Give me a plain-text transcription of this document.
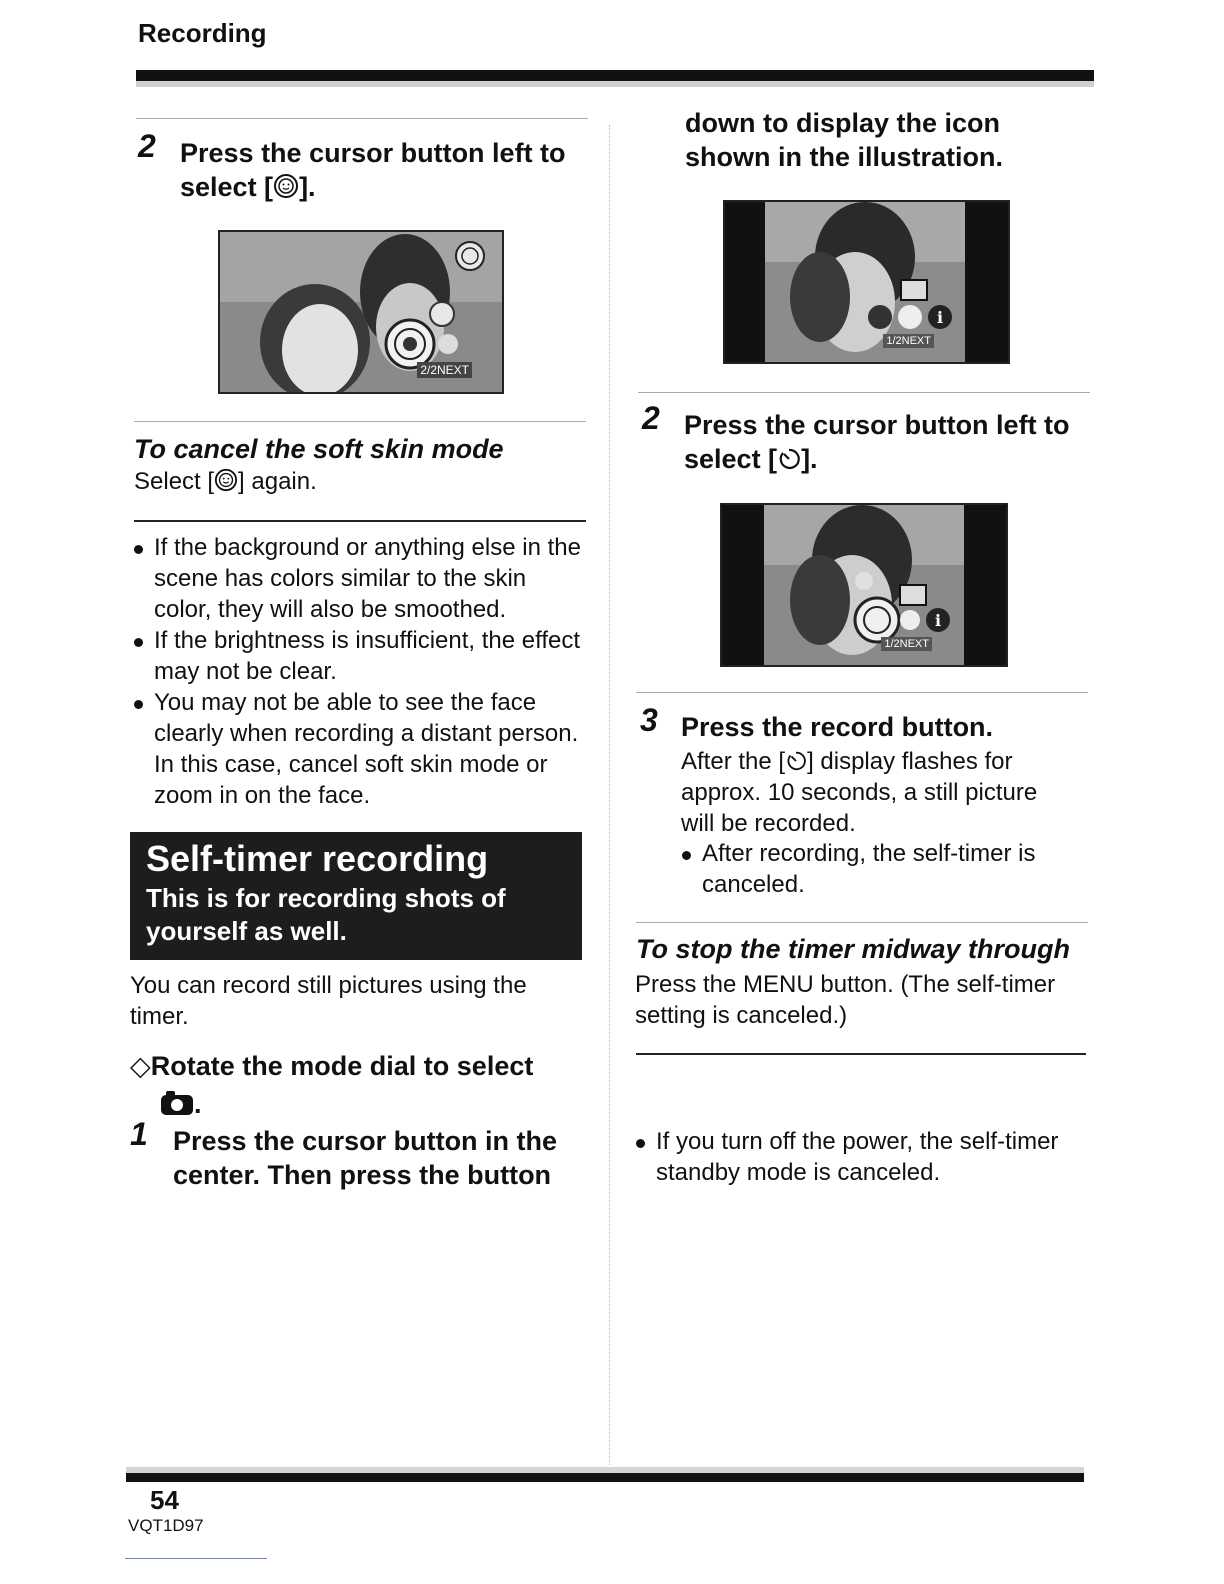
Recording
2 Press the cursor button left to
select [ ].
2/2NEXT
To cancel the soft skin mode
Select [ ] again.
If the background or anything else in the scene has colors similar to the skin color, they will also be smoothed.
If the brightness is insufficient, the effect may not be clear.
You may not be able to see the face clearly when recording a distant person. In this case, cancel soft skin mode or zoom in on the face.
Self-timer recording
This is for recording shots of yourself as well.
You can record still pictures using the timer.
◇Rotate the mode dial to select
.
1 Press the cursor button in the
center. Then press the button
down to display the icon
shown in the illustration.
i
1/2NEXT
2 Press the cursor button left to
select [ ].
i
1/2NEXT
3 Press the record button.
After the [ ] display flashes for approx. 10 seconds, a still picture will be recorded.
After recording, the self-timer is canceled.
To stop the timer midway through
Press the MENU button. (The self-timer setting is canceled.)
If you turn off the power, the self-timer standby mode is canceled.
54
VQT1D97
